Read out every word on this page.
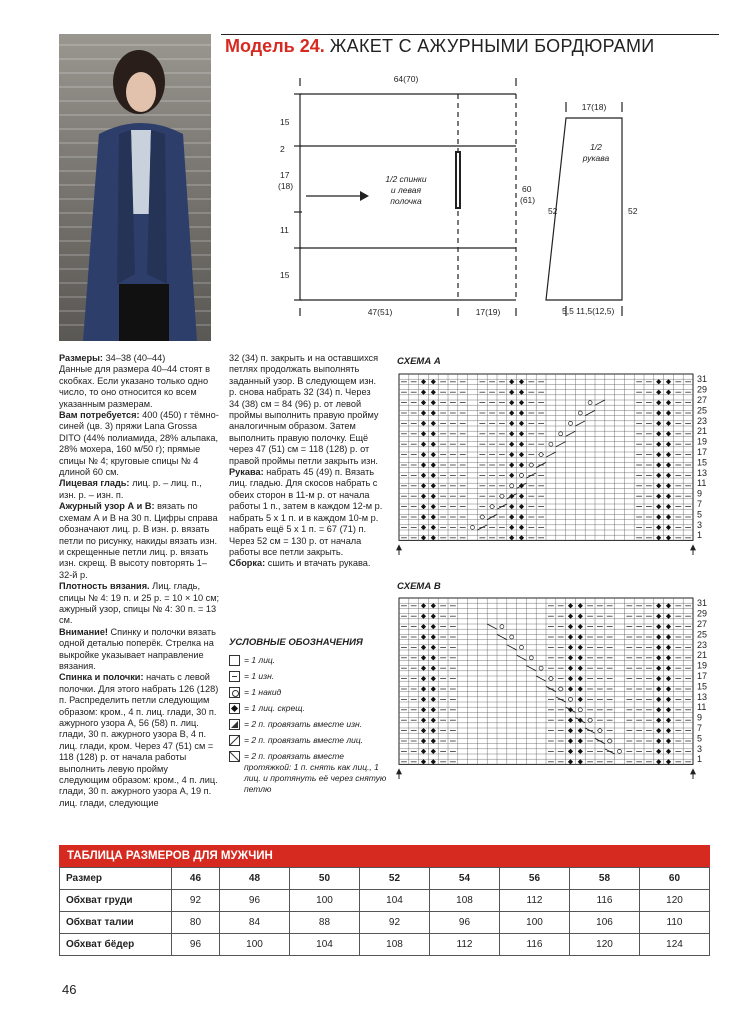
Модель 24. ЖАКЕТ С АЖУРНЫМИ БОРДЮРАМИ
64(70)
15
2
17
(18)
11
15
1/2 спинки
и левая
полочка
60
(61)
47(51)	17(19)
17(18)
1/2
рукава
52	52
5,5 11,5(12,5)

Размеры: 34–38 (40–44)

Данные для размера 40–44 стоят в скобках. Если указано только одно число, то оно относится ко всем указанным размерам.

Вам потребуется: 400 (450) г тёмно-синей (цв. 3) пряжи Lana Grossa DITO (44% полиамида, 28% альпака, 28% мохера, 160 м/50 г); прямые спицы № 4; круговые спицы № 4 длиной 60 см.

Лицевая гладь: лиц. р. – лиц. п., изн. р. – изн. п.

Ажурный узор А и В: вязать по схемам А и В на 30 п. Цифры справа обозначают лиц. р. В изн. р. вязать петли по рисунку, накиды вязать изн. и скрещенные петли лиц. р. вязать изн. скрещ. В высоту повторять 1–32-й р.

Плотность вязания. Лиц. гладь, спицы № 4: 19 п. и 25 р. = 10 × 10 см; ажурный узор, спицы № 4: 30 п. = 13 см.

Внимание! Спинку и полочки вязать одной деталью поперёк. Стрелка на выкройке указывает направление вязания.

Спинка и полочки: начать с левой полочки. Для этого набрать 126 (128) п. Распределить петли следующим образом: кром., 4 п. лиц. глади, 30 п. ажурного узора А, 56 (58) п. лиц. глади, 30 п. ажурного узора В, 4 п. лиц. глади, кром. Через 47 (51) см = 118 (128) р. от начала работы выполнить левую пройму следующим образом: кром., 4 п. лиц. глади, 30 п. ажурного узора А, 19 п. лиц. глади, следующие

32 (34) п. закрыть и на оставшихся петлях продолжать выполнять заданный узор. В следующем изн. р. снова набрать 32 (34) п. Через 34 (38) см = 84 (96) р. от левой проймы выполнить правую пройму аналогичным образом. Затем выполнить правую полочку. Ещё через 47 (51) см = 118 (128) р. от правой проймы петли закрыть изн.

Рукава: набрать 45 (49) п. Вязать лиц. гладью. Для скосов набрать с обеих сторон в 11-м р. от начала работы 1 п., затем в каждом 12-м р. набрать 5 х 1 п. и в каждом 10-м р. набрать ещё 5 х 1 п. = 67 (71) п. Через 52 см = 130 р. от начала работы все петли закрыть.

Сборка: сшить и втачать рукава.

УСЛОВНЫЕ ОБОЗНАЧЕНИЯ
= 1 лиц.
= 1 изн.
= 1 накид
= 1 лиц. скрещ.
= 2 п. провязать вместе изн.
= 2 п. провязать вместе лиц.
= 2 п. провязать вместе протяжкой: 1 п. снять как лиц., 1 лиц. и протянуть её через снятую петлю
СХЕМА А
31
29
27
25
23
21
19
17
15
13
11
9
7
5
3
1
СХЕМА В
31
29
27
25
23
21
19
17
15
13
11
9
7
5
3
1
ТАБЛИЦА РАЗМЕРОВ ДЛЯ МУЖЧИН
Размер	46	48	50	52	54	56	58	60
Обхват груди	92	96	100	104	108	112	116	120
Обхват талии	80	84	88	92	96	100	106	110
Обхват бёдер	96	100	104	108	112	116	120	124
46
